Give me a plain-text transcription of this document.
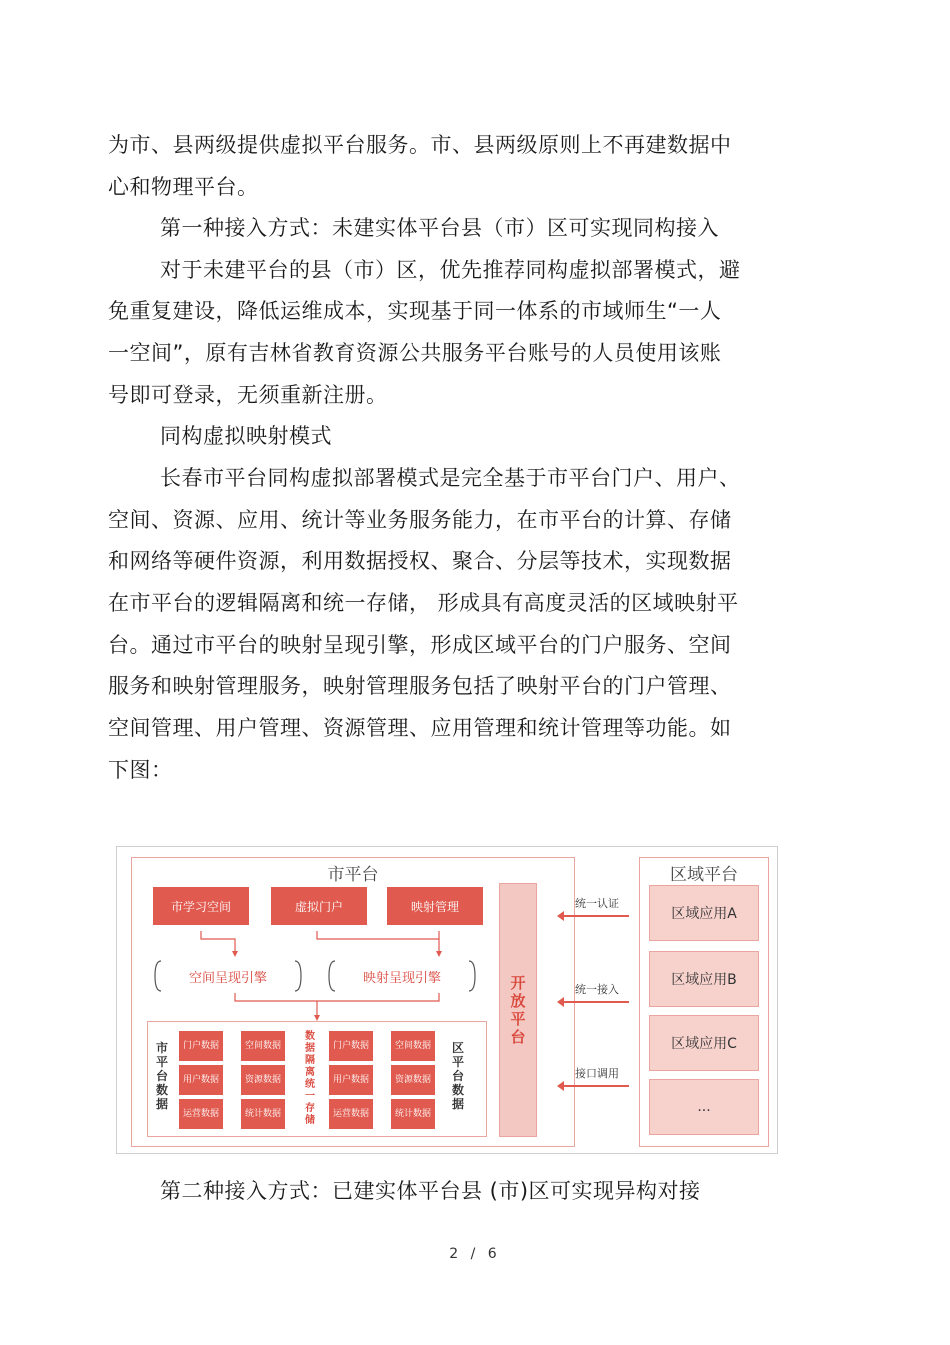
为市、县两级提供虚拟平台服务。市、县两级原则上不再建数据中
心和物理平台。
第一种接入方式：未建实体平台县（市）区可实现同构接入
对于未建平台的县（市）区，优先推荐同构虚拟部署模式，避
免重复建设，降低运维成本，实现基于同一体系的市域师生“一人
一空间”，原有吉林省教育资源公共服务平台账号的人员使用该账
号即可登录，无须重新注册。
同构虚拟映射模式
长春市平台同构虚拟部署模式是完全基于市平台门户、用户、
空间、资源、应用、统计等业务服务能力，在市平台的计算、存储
和网络等硬件资源，利用数据授权、聚合、分层等技术，实现数据
在市平台的逻辑隔离和统一存储， 形成具有高度灵活的区域映射平
台。通过市平台的映射呈现引擎，形成区域平台的门户服务、空间
服务和映射管理服务，映射管理服务包括了映射平台的门户管理、
空间管理、用户管理、资源管理、应用管理和统计管理等功能。如
下图：
市平台
市学习空间	虚拟门户	映射管理
空间呈现引擎	映射呈现引擎
市平台数据
门户数据	空间数据
用户数据	资源数据
运营数据	统计数据
数据隔离统一存储
门户数据	空间数据
用户数据	资源数据
运营数据	统计数据
区平台数据
开放平台
统一认证
统一接入
接口调用
区域平台
区域应用A
区域应用B
区域应用C
...
第二种接入方式：已建实体平台县 (市)区可实现异构对接
2 / 6
